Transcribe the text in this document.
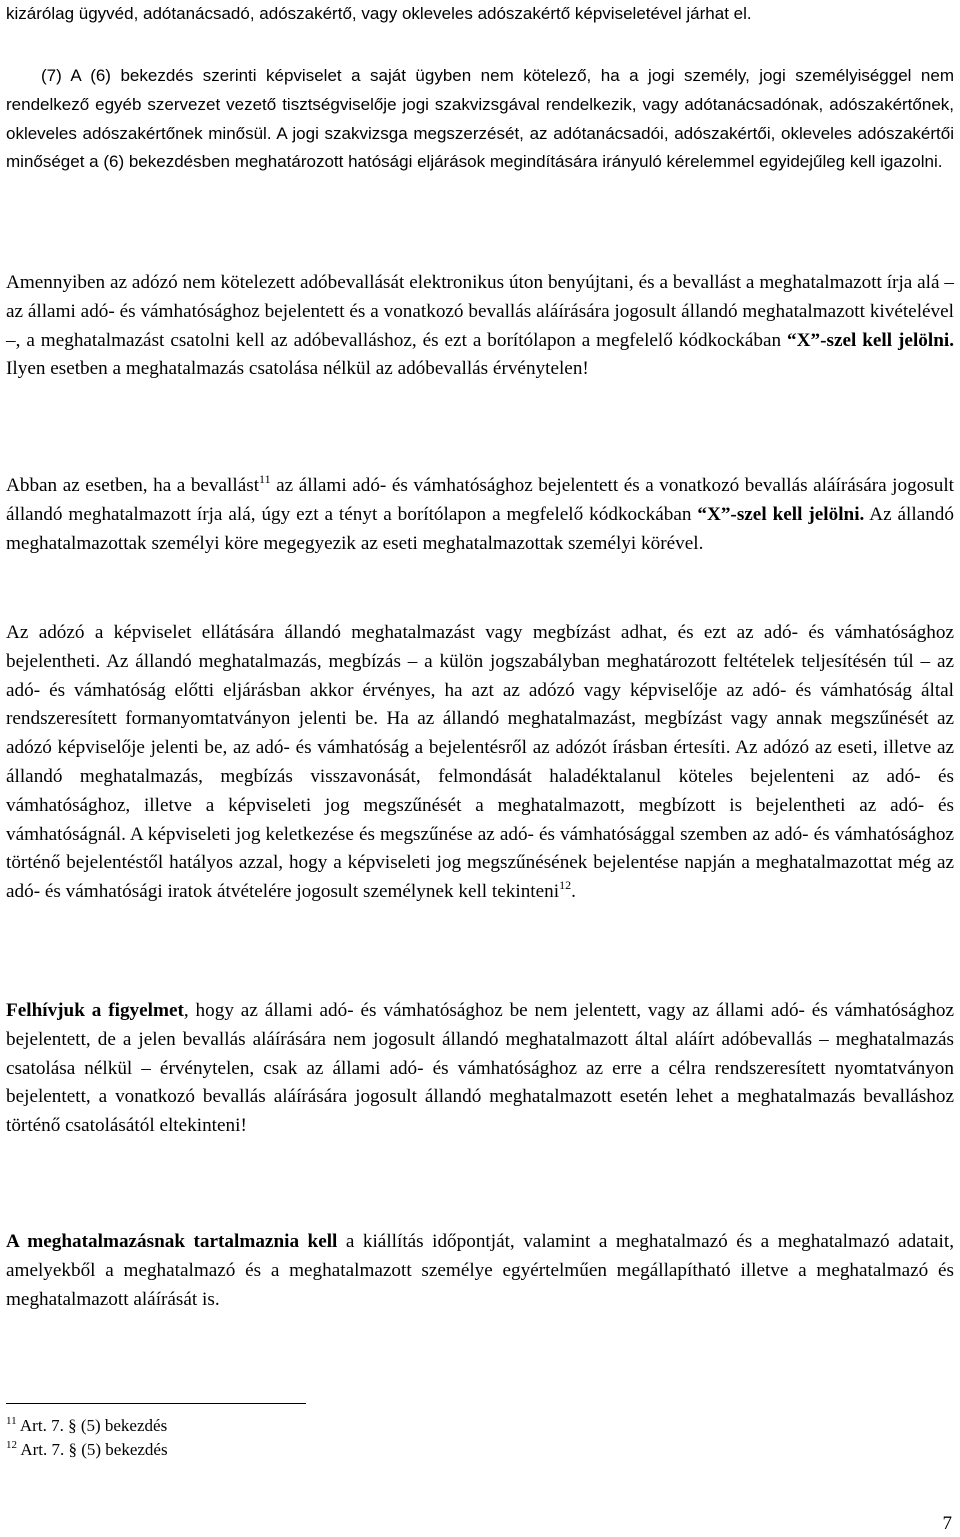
kizárólag ügyvéd, adótanácsadó, adószakértő, vagy okleveles adószakértő képviseletével járhat el.

(7) A (6) bekezdés szerinti képviselet a saját ügyben nem kötelező, ha a jogi személy, jogi személyiséggel nem rendelkező egyéb szervezet vezető tisztségviselője jogi szakvizsgával rendelkezik, vagy adótanácsadónak, adószakértőnek, okleveles adószakértőnek minősül. A jogi szakvizsga megszerzését, az adótanácsadói, adószakértői, okleveles adószakértői minőséget a (6) bekezdésben meghatározott hatósági eljárások megindítására irányuló kérelemmel egyidejűleg kell igazolni.

Amennyiben az adózó nem kötelezett adóbevallását elektronikus úton benyújtani, és a bevallást a meghatalmazott írja alá – az állami adó- és vámhatósághoz bejelentett és a vonatkozó bevallás aláírására jogosult állandó meghatalmazott kivételével –, a meghatalmazást csatolni kell az adóbevalláshoz, és ezt a borítólapon a megfelelő kódkockában “X”-szel kell jelölni. Ilyen esetben a meghatalmazás csatolása nélkül az adóbevallás érvénytelen!

Abban az esetben, ha a bevallást$^{11}$ az állami adó- és vámhatósághoz bejelentett és a vonatkozó bevallás aláírására jogosult állandó meghatalmazott írja alá, úgy ezt a tényt a borítólapon a megfelelő kódkockában “X”-szel kell jelölni. Az állandó meghatalmazottak személyi köre megegyezik az eseti meghatalmazottak személyi körével.

Az adózó a képviselet ellátására állandó meghatalmazást vagy megbízást adhat, és ezt az adó- és vámhatósághoz bejelentheti. Az állandó meghatalmazás, megbízás – a külön jogszabályban meghatározott feltételek teljesítésén túl – az adó- és vámhatóság előtti eljárásban akkor érvényes, ha azt az adózó vagy képviselője az adó- és vámhatóság által rendszeresített formanyomtatványon jelenti be. Ha az állandó meghatalmazást, megbízást vagy annak megszűnését az adózó képviselője jelenti be, az adó- és vámhatóság a bejelentésről az adózót írásban értesíti. Az adózó az eseti, illetve az állandó meghatalmazás, megbízás visszavonását, felmondását haladéktalanul köteles bejelenteni az adó- és vámhatósághoz, illetve a képviseleti jog megszűnését a meghatalmazott, megbízott is bejelentheti az adó- és vámhatóságnál. A képviseleti jog keletkezése és megszűnése az adó- és vámhatósággal szemben az adó- és vámhatósághoz történő bejelentéstől hatályos azzal, hogy a képviseleti jog megszűnésének bejelentése napján a meghatalmazottat még az adó- és vámhatósági iratok átvételére jogosult személynek kell tekinteni$^{12}$.

Felhívjuk a figyelmet, hogy az állami adó- és vámhatósághoz be nem jelentett, vagy az állami adó- és vámhatósághoz bejelentett, de a jelen bevallás aláírására nem jogosult állandó meghatalmazott által aláírt adóbevallás – meghatalmazás csatolása nélkül – érvénytelen, csak az állami adó- és vámhatósághoz az erre a célra rendszeresített nyomtatványon bejelentett, a vonatkozó bevallás aláírására jogosult állandó meghatalmazott esetén lehet a meghatalmazás bevalláshoz történő csatolásától eltekinteni!

A meghatalmazásnak tartalmaznia kell a kiállítás időpontját, valamint a meghatalmazó és a meghatalmazó adatait, amelyekből a meghatalmazó és a meghatalmazott személye egyértelműen megállapítható illetve a meghatalmazó és meghatalmazott aláírását is.

$^{11}$ Art. 7. § (5) bekezdés
$^{12}$ Art. 7. § (5) bekezdés
7
